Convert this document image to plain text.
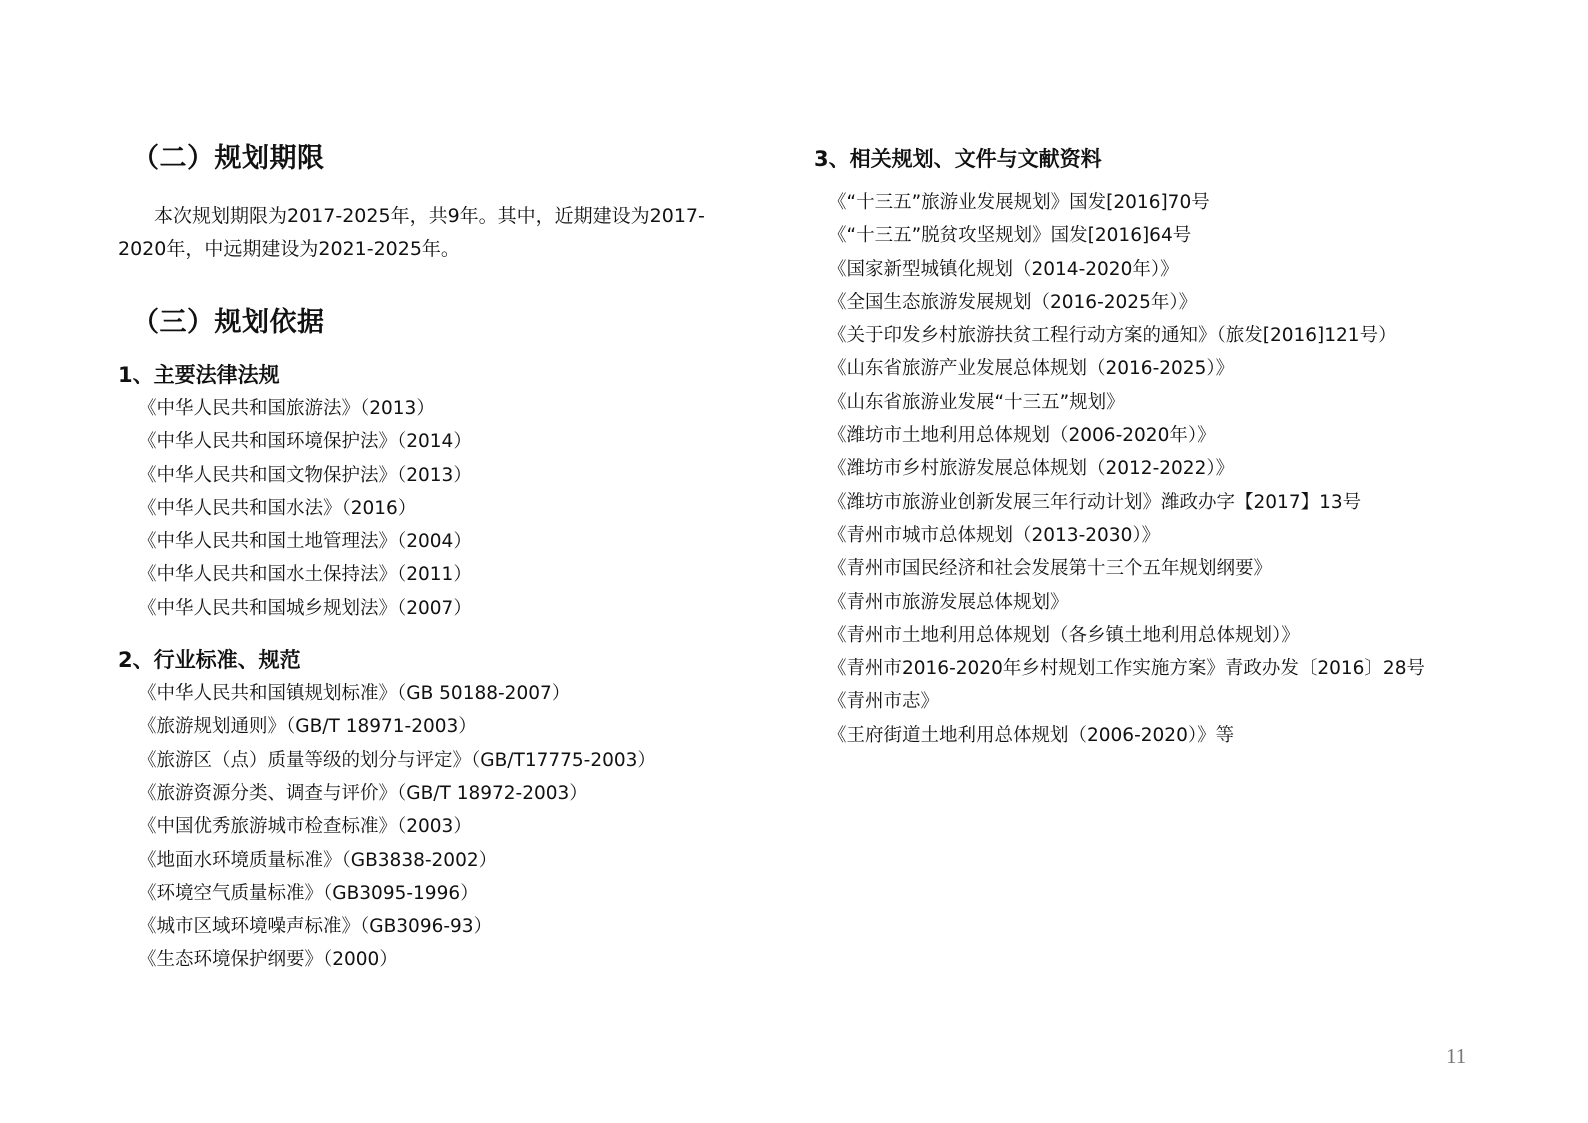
（二）规划期限

本次规划期限为2017-2025年，共9年。其中，近期建设为2017-2020年，中远期建设为2021-2025年。

（三）规划依据
1、主要法律法规
《中华人民共和国旅游法》（2013）
《中华人民共和国环境保护法》（2014）
《中华人民共和国文物保护法》（2013）
《中华人民共和国水法》（2016）
《中华人民共和国土地管理法》（2004）
《中华人民共和国水土保持法》（2011）
《中华人民共和国城乡规划法》（2007）
2、行业标准、规范
《中华人民共和国镇规划标准》（GB 50188-2007）
《旅游规划通则》（GB/T 18971-2003）
《旅游区（点）质量等级的划分与评定》（GB/T17775-2003）
《旅游资源分类、调查与评价》（GB/T 18972-2003）
《中国优秀旅游城市检查标准》（2003）
《地面水环境质量标准》（GB3838-2002）
《环境空气质量标准》（GB3095-1996）
《城市区域环境噪声标准》（GB3096-93）
《生态环境保护纲要》（2000）
3、相关规划、文件与文献资料
《“十三五”旅游业发展规划》国发[2016]70号
《“十三五”脱贫攻坚规划》国发[2016]64号
《国家新型城镇化规划（2014-2020年）》
《全国生态旅游发展规划（2016-2025年）》
《关于印发乡村旅游扶贫工程行动方案的通知》（旅发[2016]121号）
《山东省旅游产业发展总体规划（2016-2025）》
《山东省旅游业发展“十三五”规划》
《潍坊市土地利用总体规划（2006-2020年）》
《潍坊市乡村旅游发展总体规划（2012-2022）》
《潍坊市旅游业创新发展三年行动计划》潍政办字【2017】13号
《青州市城市总体规划（2013-2030）》
《青州市国民经济和社会发展第十三个五年规划纲要》
《青州市旅游发展总体规划》
《青州市土地利用总体规划（各乡镇土地利用总体规划）》
《青州市2016-2020年乡村规划工作实施方案》青政办发〔2016〕28号
《青州市志》
《王府街道土地利用总体规划（2006-2020）》等
11
